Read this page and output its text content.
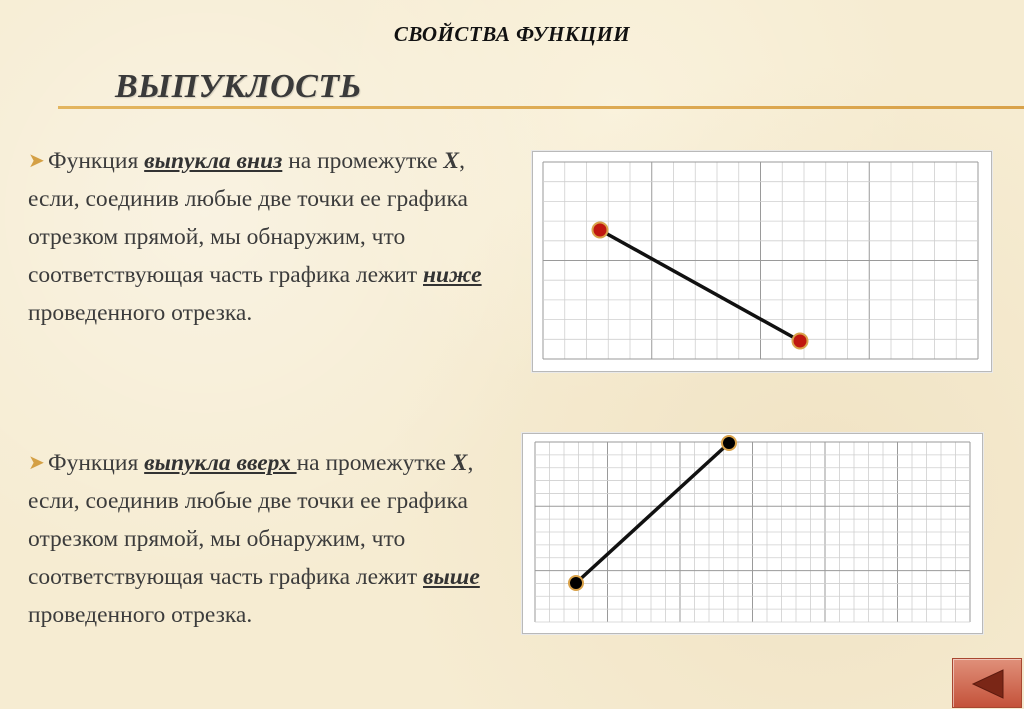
СВОЙСТВА ФУНКЦИИ
ВЫПУКЛОСТЬ
➤ Функция выпукла вниз на промежутке X, если, соединив любые две точки ее графика отрезком прямой, мы обнаружим, что соответствующая часть графика лежит ниже проведенного отрезка.
➤ Функция выпукла вверх на промежутке X, если, соединив любые две точки ее графика отрезком прямой, мы обнаружим, что соответствующая часть графика лежит выше проведенного отрезка.
